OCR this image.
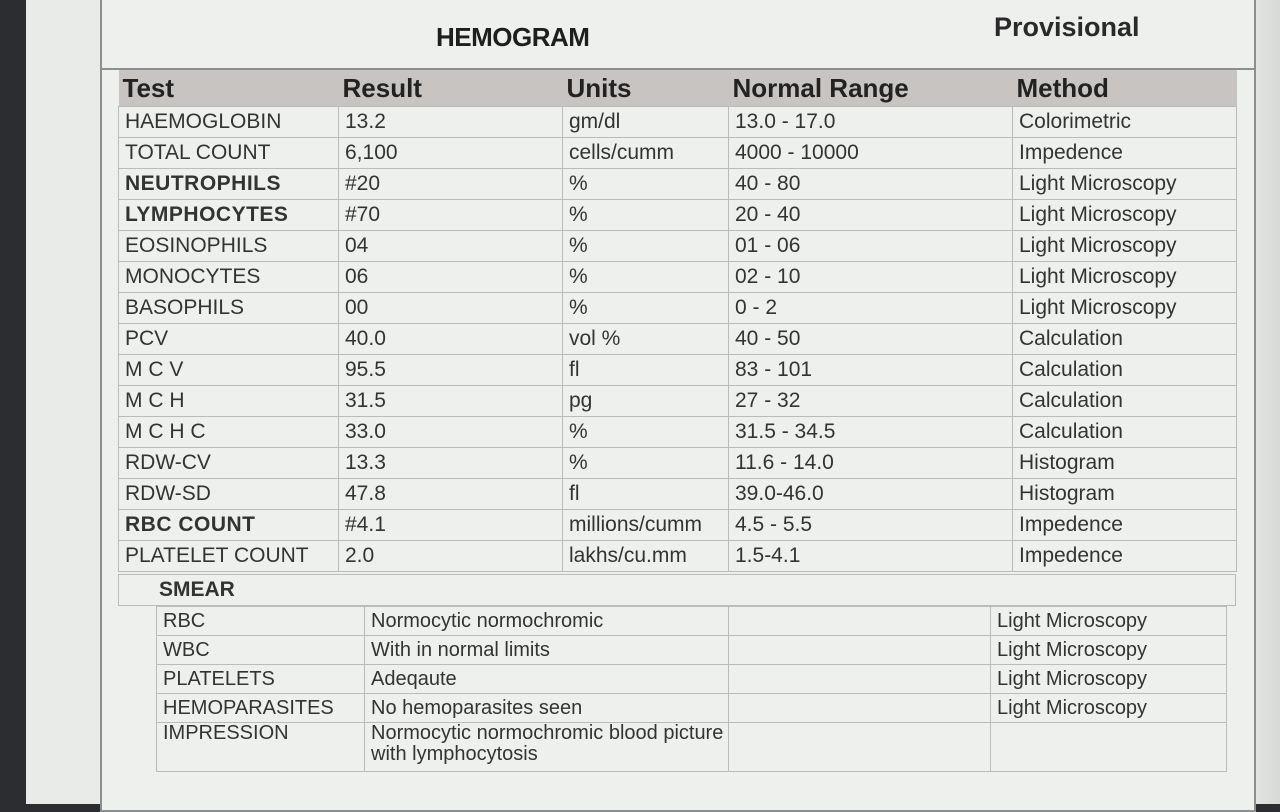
HEMOGRAM	Provisional
Test	Result	Units	Normal Range	Method
HAEMOGLOBIN	13.2	gm/dl	13.0 - 17.0	Colorimetric
TOTAL COUNT	6,100	cells/cumm	4000 - 10000	Impedence
NEUTROPHILS	#20	%	40 - 80	Light Microscopy
LYMPHOCYTES	#70	%	20 - 40	Light Microscopy
EOSINOPHILS	04	%	01 - 06	Light Microscopy
MONOCYTES	06	%	02 - 10	Light Microscopy
BASOPHILS	00	%	0 - 2	Light Microscopy
PCV	40.0	vol %	40 - 50	Calculation
M C V	95.5	fl	83 - 101	Calculation
M C H	31.5	pg	27 - 32	Calculation
M C H C	33.0	%	31.5 - 34.5	Calculation
RDW-CV	13.3	%	11.6 - 14.0	Histogram
RDW-SD	47.8	fl	39.0-46.0	Histogram
RBC COUNT	#4.1	millions/cumm	4.5 - 5.5	Impedence
PLATELET COUNT	2.0	lakhs/cu.mm	1.5-4.1	Impedence
SMEAR
RBC	Normocytic normochromic		Light Microscopy
WBC	With in normal limits		Light Microscopy
PLATELETS	Adeqaute		Light Microscopy
HEMOPARASITES	No hemoparasites seen		Light Microscopy
IMPRESSION	Normocytic normochromic blood picture with lymphocytosis		
